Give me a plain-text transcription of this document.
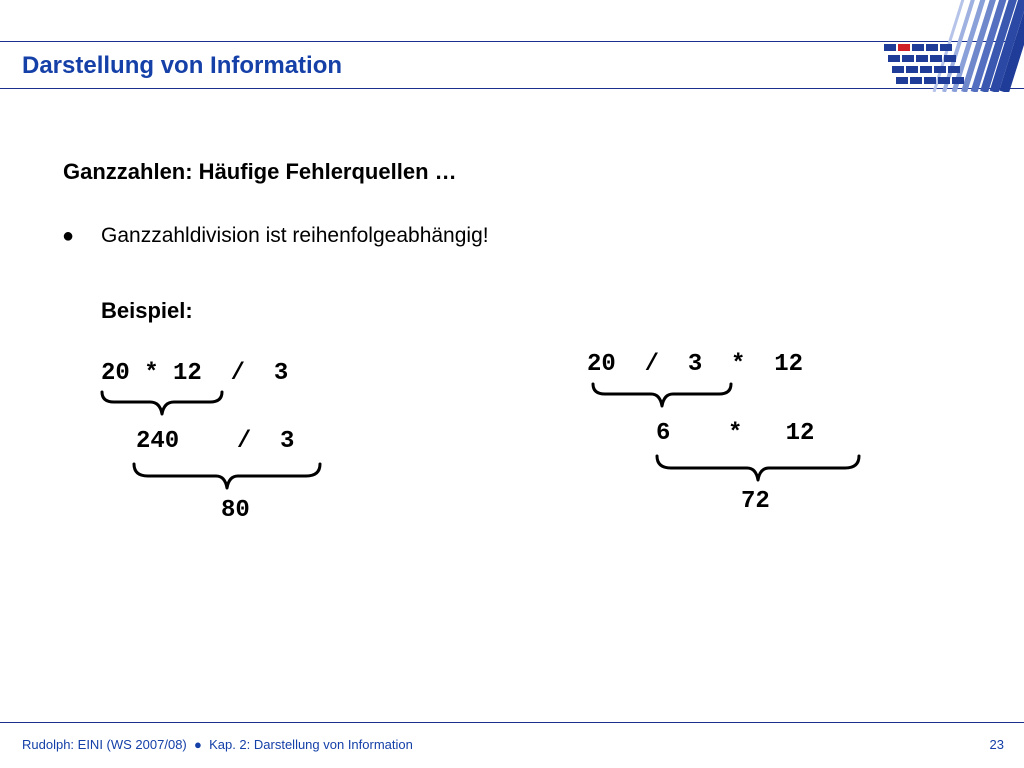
Darstellung von Information
Ganzzahlen: Häufige Fehlerquellen …
● Ganzzahldivision ist reihenfolgeabhängig!
Beispiel:
20 * 12  /  3
240    /  3
80
20  /  3  *  12
6    *   12
72
Rudolph: EINI (WS 2007/08) ● Kap. 2: Darstellung von Information	23
